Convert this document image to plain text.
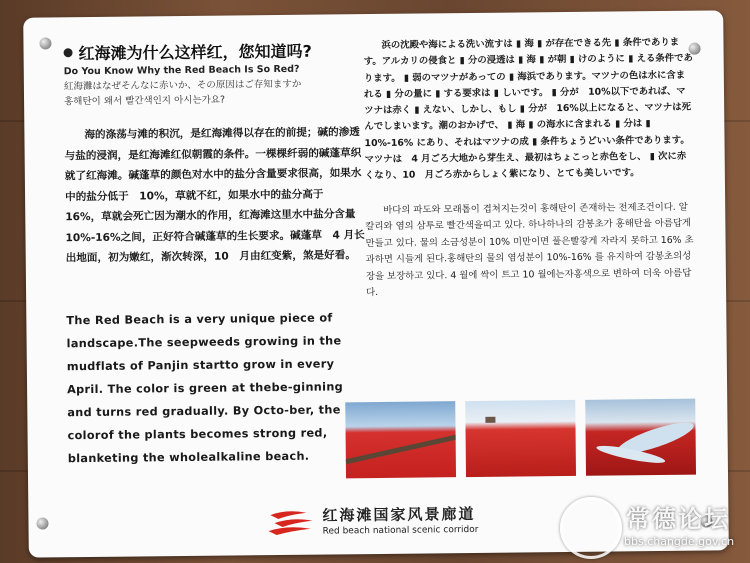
红海滩为什么这样红，您知道吗?
Do You Know Why the Red Beach Is So Red?
紅海灘はなぜそんなに赤いか、その原因はご存知ますか
홍해탄이 왜서 빨간색인지 아시는가요?
海的涤荡与滩的积沉，是红海滩得以存在的前提；碱的渗透与盐的浸润，是红海滩红似朝霞的条件。一棵棵纤弱的碱蓬草织就了红海滩。碱蓬草的颜色对水中的盐分含量要求很高，如果水中的盐分低于　10%，草就不红，如果水中的盐分高于　16%，草就会死亡因为潮水的作用，红海滩这里水中盐分含量10%-16%之间，正好符合碱蓬草的生长要求。碱蓬草　4 月长出地面，初为嫩红，渐次转深，10　月由红变紫，煞是好看。
The Red Beach is a very unique piece of landscape.The seepweeds growing in the mudflats of Panjin startto grow in every April. The color is green at thebe-ginning and turns red gradually. By Octo-ber, the colorof the plants becomes strong red, blanketing the wholealkaline beach.
浜の沈殿や海による洗い流すは ▮ 海 ▮ が存在できる先 ▮ 条件であります。アルカリの侵食と ▮ 分の浸透は ▮ 海 ▮ が朝 ▮ けのように ▮ える条件であります。 ▮ 弱のマツナがあっての ▮ 海浜であります。マツナの色は水に含まれる ▮ 分の量に ▮ する要求は ▮ しいです。 ▮ 分が　10%以下であれば、マツナは赤く ▮ えない、しかし、もし ▮ 分が　16%以上になると、マツナは死んでしまいます。潮のおかげで、 ▮ 海 ▮ の海水に含まれる ▮ 分は ▮ 10%-16% にあり、それはマツナの成 ▮ 条件ちょうどいい条件であります。マツナは　4 月ごろ大地から芽生え、最初はちょこっと赤色をし、 ▮ 次に赤くなり、10　月ごろ赤からしょく紫になり、とても美しいです。
바다의 파도와 모래톱이 겹쳐지는것이 홍해탄이 존재하는 전제조건이다. 알칼리와 염의 삼투로 빨간색을띠고 있다. 하나하나의 감봉초가 홍해탄을 아름답게만들고 있다. 물의 소금성분이 10% 미만이면 풀은빨갛게 자라지 못하고 16% 초과하면 시들게 된다.홍해탄의 물의 염성분이 10%-16% 를 유지하여 감봉초의성장을 보장하고 있다. 4 월에 싹이 트고 10 월에는자홍색으로 변하여 더욱 아름답다.
红海滩国家风景廊道
Red beach national scenic corridor	常德论坛
bbs.changde.gov.cn
